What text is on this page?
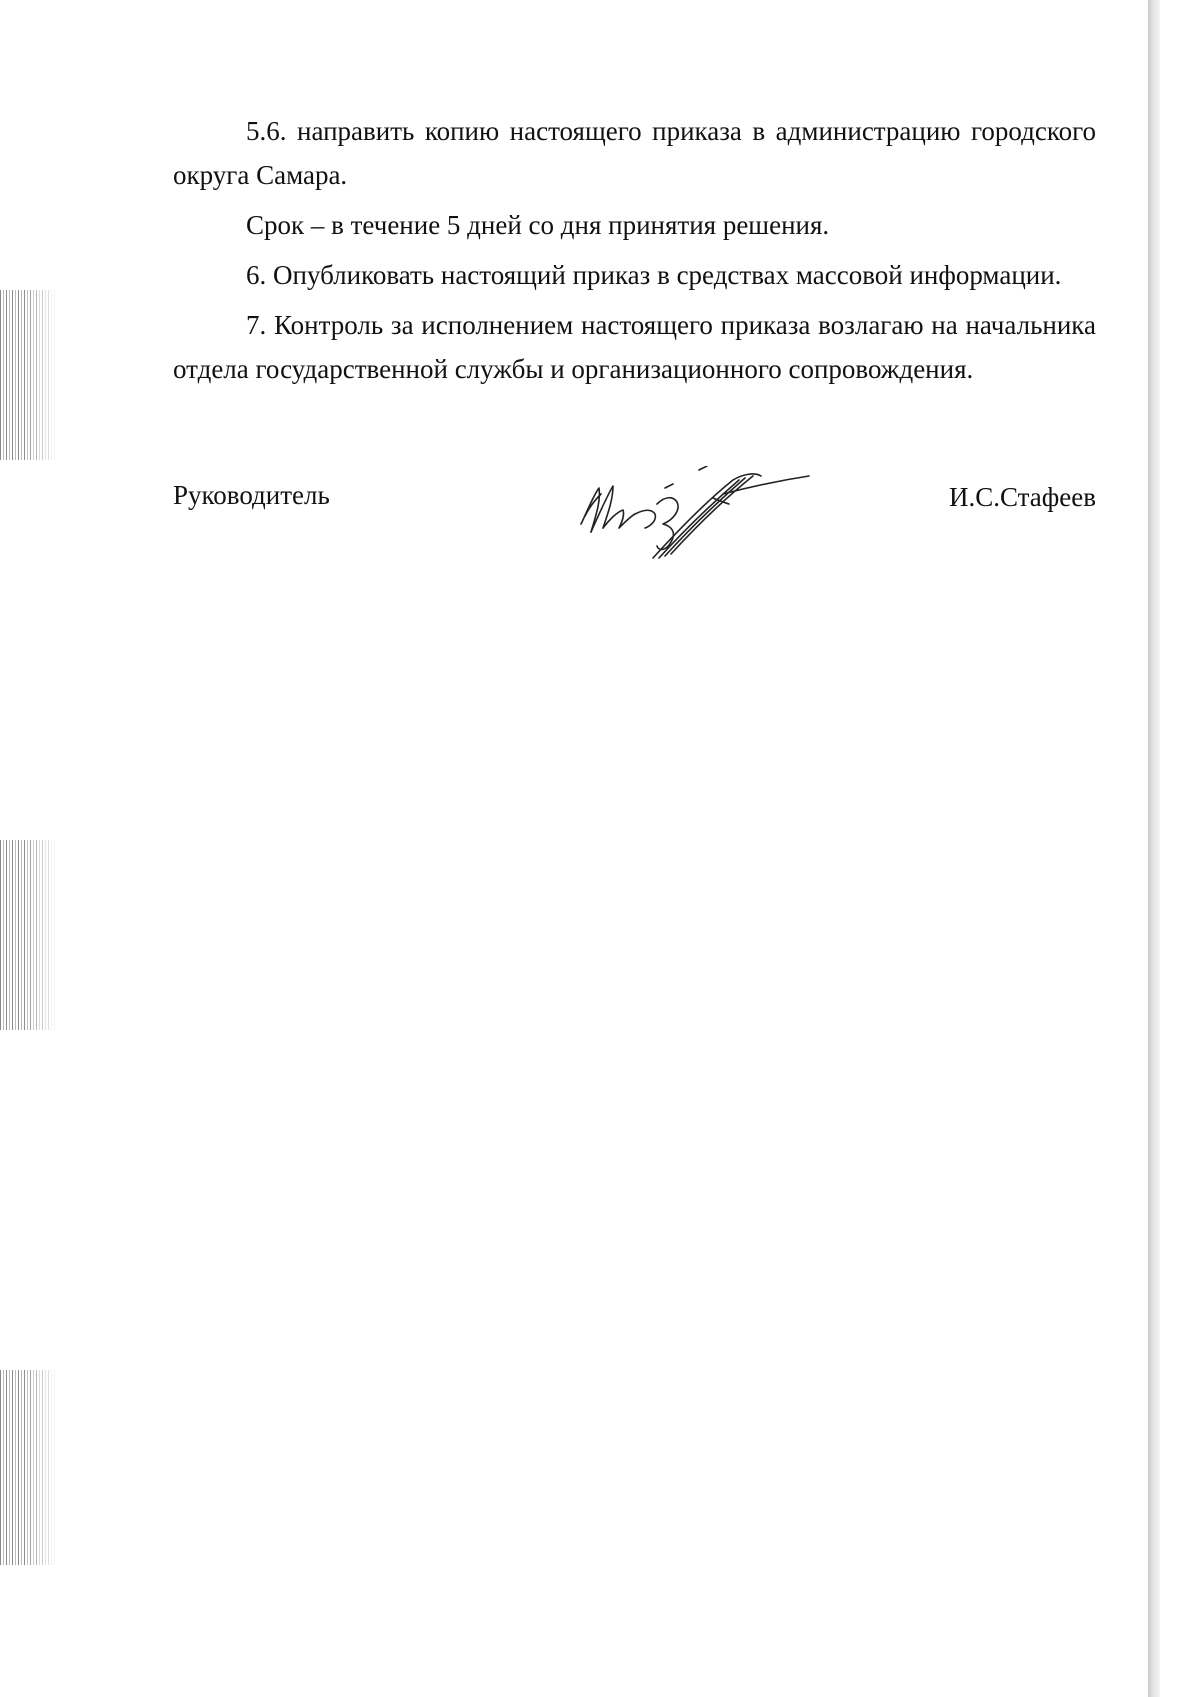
5.6. направить копию настоящего приказа в администрацию городского округа Самара.

Срок – в течение 5 дней со дня принятия решения.

6. Опубликовать настоящий приказ в средствах массовой информации.

7. Контроль за исполнением настоящего приказа возлагаю на начальника отдела государственной службы и организационного сопровождения.

Руководитель	И.С.Стафеев
